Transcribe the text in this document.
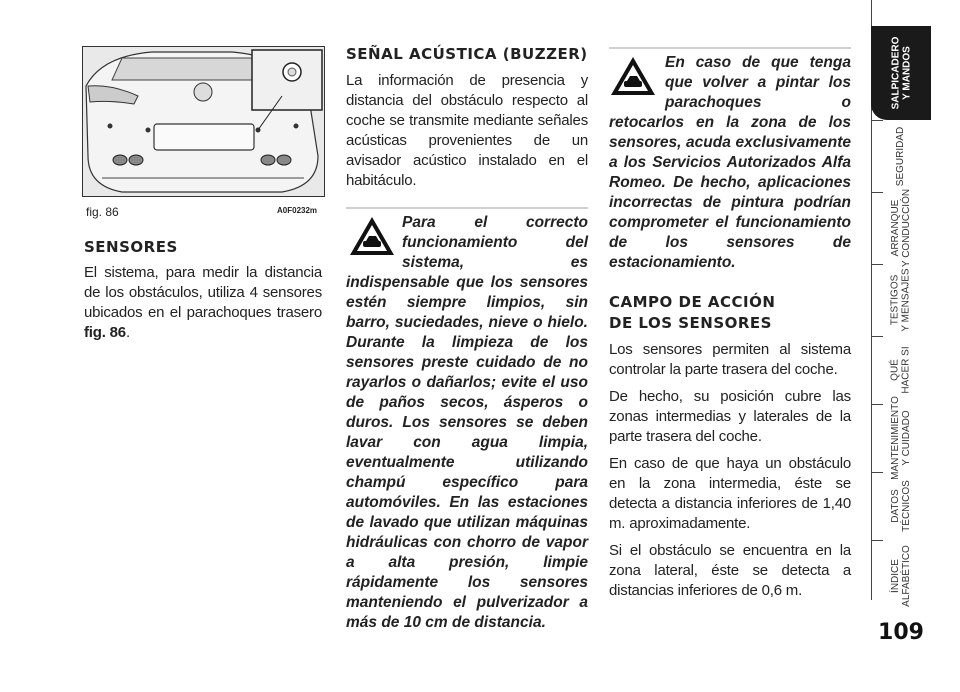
fig. 86	A0F0232m
SENSORES

El sistema, para medir la distancia de los obstáculos, utiliza 4 sensores ubicados en el parachoques trasero fig. 86.

SEÑAL ACÚSTICA (BUZZER)

La información de presencia y distancia del obstáculo respecto al coche se transmite mediante señales acústicas provenientes de un avisador acústico instalado en el habitáculo.

Para el correcto funcionamiento del sistema, es indispensable que los sensores estén siempre limpios, sin barro, suciedades, nieve o hielo. Durante la limpieza de los sensores preste cuidado de no rayarlos o dañarlos; evite el uso de paños secos, ásperos o duros. Los sensores se deben lavar con agua limpia, eventualmente utilizando champú específico para automóviles. En las estaciones de lavado que utilizan máquinas hidráulicas con chorro de vapor a alta presión, limpie rápidamente los sensores manteniendo el pulverizador a más de 10 cm de distancia.
En caso de que tenga que volver a pintar los parachoques o retocarlos en la zona de los sensores, acuda exclusivamente a los Servicios Autorizados Alfa Romeo. De hecho, aplicaciones incorrectas de pintura podrían comprometer el funcionamiento de los sensores de estacionamiento.
CAMPO DE ACCIÓN
DE LOS SENSORES

Los sensores permiten al sistema controlar la parte trasera del coche.

De hecho, su posición cubre las zonas intermedias y laterales de la parte trasera del coche.

En caso de que haya un obstáculo en la zona intermedia, éste se detecta a distancia inferiores de 1,40 m. aproximadamente.

Si el obstáculo se encuentra en la zona lateral, éste se detecta a distancias inferiores de 0,6 m.

SALPICADERO
Y MANDOS
SEGURIDAD
ARRANQUE
Y CONDUCCIÓN
TESTIGOS
Y MENSAJES
QUÉ
HACER SI
MANTENIMIENTO
Y CUIDADO
DATOS
TÉCNICOS
ÍNDICE
ALFABÉTICO
109
